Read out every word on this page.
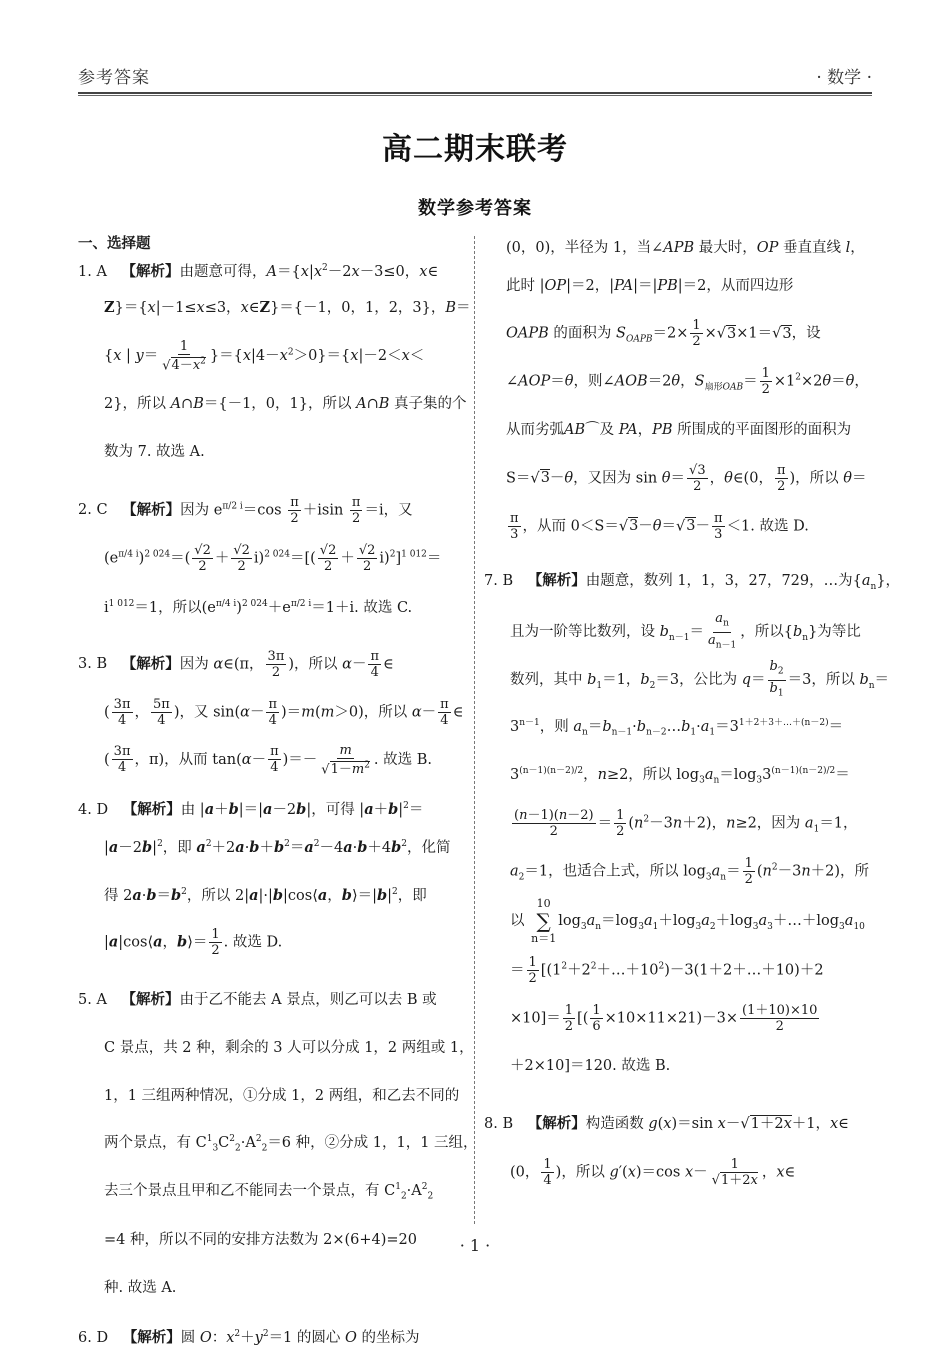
参考答案	· 数学 ·
高二期末联考
数学参考答案
一、选择题
1. A 【解析】由题意可得，$A=\{x|x^2-2x-3\le 0$，x∈
Z}＝{x|－1≤x≤3，x∈Z}＝{－1，0，1，2，3}，B＝
{x | $y= \frac{1}{√4-x^2} \}=\{x|4-x^2>0\}=\{x|-2<x<$
2}，所以 A∩B＝{－1，0，1}，所以 A∩B 真子集的个
数为 7. 故选 A.
2. C 【解析】因为 $e^{\pi/2 i}=\cos \frac{\pi}{2} +isin \frac{\pi}{2} =i$，又
$(e^{\pi/4 i})^{2 024}=( \frac{√2}{2} + \frac{√2}{2} i)^{2 024}=[( \frac{√2}{2} + \frac{√2}{2} i)^2]^{1 012}=$
$i^{1 012}=1$，所以$(e^{\pi/4 i})^{2 024}+e^{\pi/2 i}=1+i$. 故选 C.
3. B 【解析】因为 α∈(π， $\frac{3\pi}{2}$ )，所以 $\alpha- \frac{\pi}{4}$ ∈
( $\frac{3\pi}{4}$ ， $\frac{5\pi}{4}$ )，又 $\sin(\alpha- \frac{\pi}{4} )=m(m>0)$，所以 $\alpha- \frac{\pi}{4}$ ∈
( $\frac{3\pi}{4}$ ，π)，从而 $\tan(\alpha- \frac{\pi}{4}$ )＝－ $\frac{m}{√1-m^2}$ . 故选 B.
4. D 【解析】由 |a＋b|＝|a－2b|，可得 $|a+b|^2=$
$|a-2b|^2$，即 $a^2+2a\cdot b+b^2=a^2-4a\cdot b+4b^2$，化简
得 $2a\cdot b=b^2$，所以 2|a|·|b|cos⟨a，$b⟩=|b|^2$，即
|a|cos⟨a，b⟩＝ $\frac{1}{2}$ . 故选 D.
5. A 【解析】由于乙不能去 A 景点，则乙可以去 B 或
C 景点，共 2 种，剩余的 3 人可以分成 1，2 两组或 1，
1，1 三组两种情况，①分成 1，2 两组，和乙去不同的
两个景点，有 $C^1_3C^2_2\cdot A^2_2=6$ 种，②分成 1，1，1 三组，
去三个景点且甲和乙不能同去一个景点，有 $C^1_2\cdot A^2_2$
=4 种，所以不同的安排方法数为 2×(6+4)=20
种. 故选 A.
6. D 【解析】圆 O：$x^2+y^2=1$ 的圆心 O 的坐标为
(0，0)，半径为 1，当∠APB 最大时，OP 垂直直线 l，
此时 |OP|＝2，|PA|＝|PB|＝2，从而四边形
OAPB 的面积为 $S_{OAPB}=2\times \frac{1}{2} \times√3\times 1=√3$，设
∠AOP＝θ，则∠AOB＝2θ，$S_{扇形OAB}= \frac{1}{2} \times 1^2\times 2\theta=\theta$，
从而劣弧AB⌒及 PA，PB 所围成的平面图形的面积为
S＝√3－θ，又因为 $\sin \theta= \frac{√3}{2}$ ，θ∈(0， $\frac{\pi}{2}$ )，所以 θ＝
$\frac{\pi}{3}$ ，从而 $0<S=√3-\theta=√3- \frac{\pi}{3} <1$. 故选 D.
7. B 【解析】由题意，数列 1，1，3，27，729，…为$\{a_n\}$，
且为一阶等比数列，设 $b_{n-1}= \frac{a_n}{a_{n-1}}$ ，所以$\{b_n\}$为等比
数列，其中 $b_1=1$，$b_2=3$，公比为 $q= \frac{b_2}{b_1} =3$，所以 $b_n=$
$3^{n-1}$，则 $a_n=b_{n-1}\cdot b_{n-2}\dots b_1\cdot a_1=3^{1+2+3+\dots+(n-2)}=$
$3^{(n-1)(n-2)/2}$，n≥2，所以 $\log_3a_n=\log_33^{(n-1)(n-2)/2}=$
$\frac{(n-1)(n-2)}{2} = \frac{1}{2} (n^2-3n+2)$，n≥2，因为 $a_1=1$，
$a_2=1$，也适合上式，所以 $\log_3a_n= \frac{1}{2} (n^2-3n+2)$，所
以
10
∑
n＝1
$\log_3a_n=\log_3a_1+\log_3a_2+\log_3a_3+\dots+\log_3a_{10}$
＝ $\frac{1}{2}$ [$(1^2+2^2+\dots+10^2)-3(1+2+\dots+10)+2$
$\times 10]= \frac{1}{2}$ [( $\frac{1}{6} \times 10\times 11\times 21)-3\times \frac{(1+10)\times 10}{2}$
＋2×10]＝120. 故选 B.
8. B 【解析】构造函数 g(x)＝sin x－√1＋2x＋1，x∈
(0， $\frac{1}{4}$ )，所以 g′(x)＝cos $x- \frac{1}{√1+2x}$ ，x∈
· 1 ·
